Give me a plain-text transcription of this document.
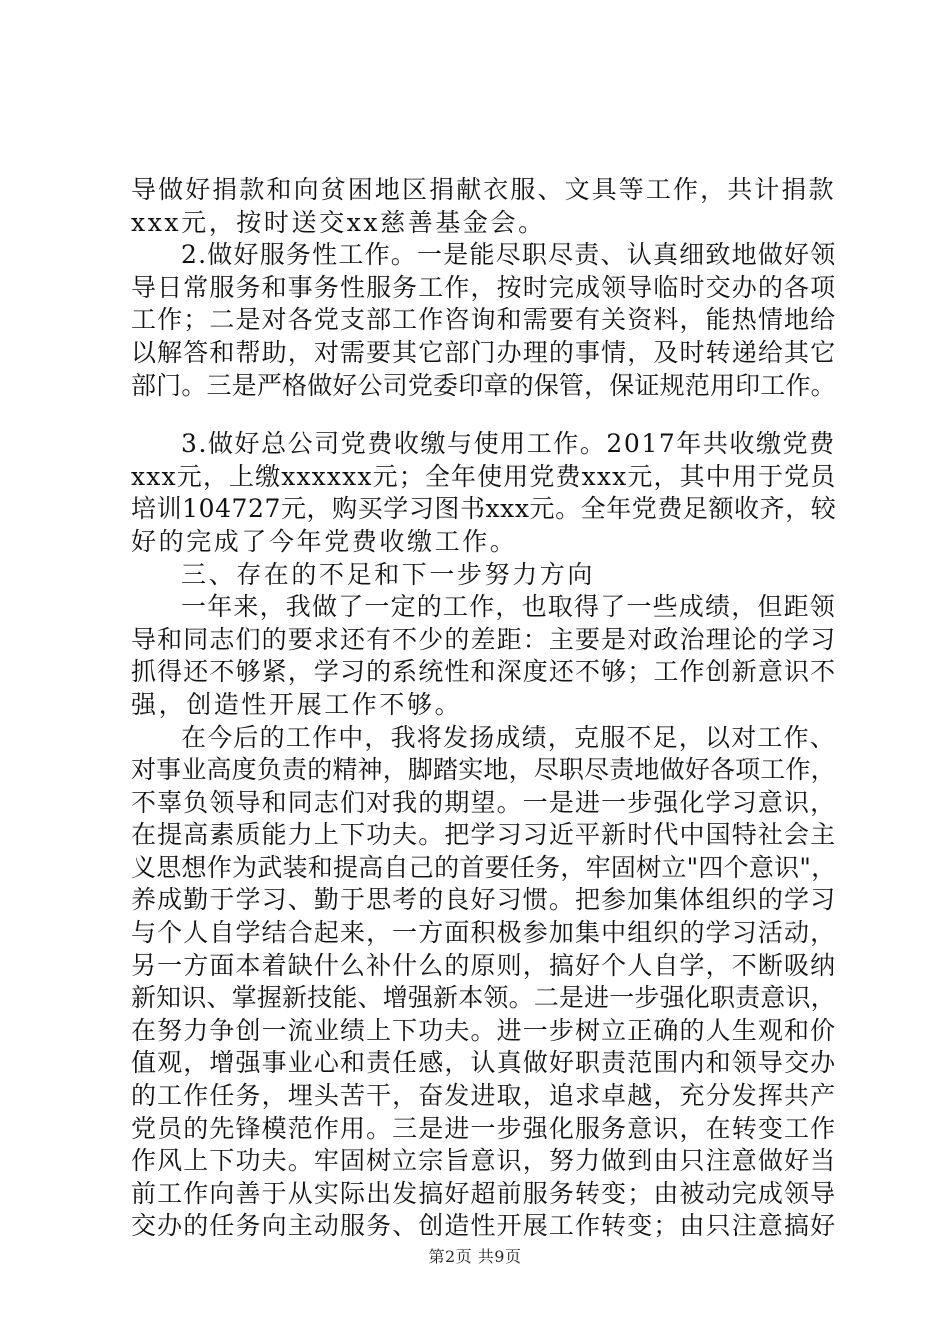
导做好捐款和向贫困地区捐献衣服、文具等工作，共计捐款
xxx元，按时送交xx慈善基金会。
2.做好服务性工作。一是能尽职尽责、认真细致地做好领
导日常服务和事务性服务工作，按时完成领导临时交办的各项
工作；二是对各党支部工作咨询和需要有关资料，能热情地给
以解答和帮助，对需要其它部门办理的事情，及时转递给其它
部门。三是严格做好公司党委印章的保管，保证规范用印工作。
3.做好总公司党费收缴与使用工作。2017年共收缴党费
xxx元，上缴xxxxxx元；全年使用党费xxx元，其中用于党员
培训104727元，购买学习图书xxx元。全年党费足额收齐，较
好的完成了今年党费收缴工作。
三、存在的不足和下一步努力方向
一年来，我做了一定的工作，也取得了一些成绩，但距领
导和同志们的要求还有不少的差距：主要是对政治理论的学习
抓得还不够紧，学习的系统性和深度还不够；工作创新意识不
强，创造性开展工作不够。
在今后的工作中，我将发扬成绩，克服不足，以对工作、
对事业高度负责的精神，脚踏实地，尽职尽责地做好各项工作，
不辜负领导和同志们对我的期望。一是进一步强化学习意识，
在提高素质能力上下功夫。把学习习近平新时代中国特社会主
义思想作为武装和提高自己的首要任务，牢固树立"四个意识"，
养成勤于学习、勤于思考的良好习惯。把参加集体组织的学习
与个人自学结合起来，一方面积极参加集中组织的学习活动，
另一方面本着缺什么补什么的原则，搞好个人自学，不断吸纳
新知识、掌握新技能、增强新本领。二是进一步强化职责意识，
在努力争创一流业绩上下功夫。进一步树立正确的人生观和价
值观，增强事业心和责任感，认真做好职责范围内和领导交办
的工作任务，埋头苦干，奋发进取，追求卓越，充分发挥共产
党员的先锋模范作用。三是进一步强化服务意识，在转变工作
作风上下功夫。牢固树立宗旨意识，努力做到由只注意做好当
前工作向善于从实际出发搞好超前服务转变；由被动完成领导
交办的任务向主动服务、创造性开展工作转变；由只注意搞好
第2页 共9页
